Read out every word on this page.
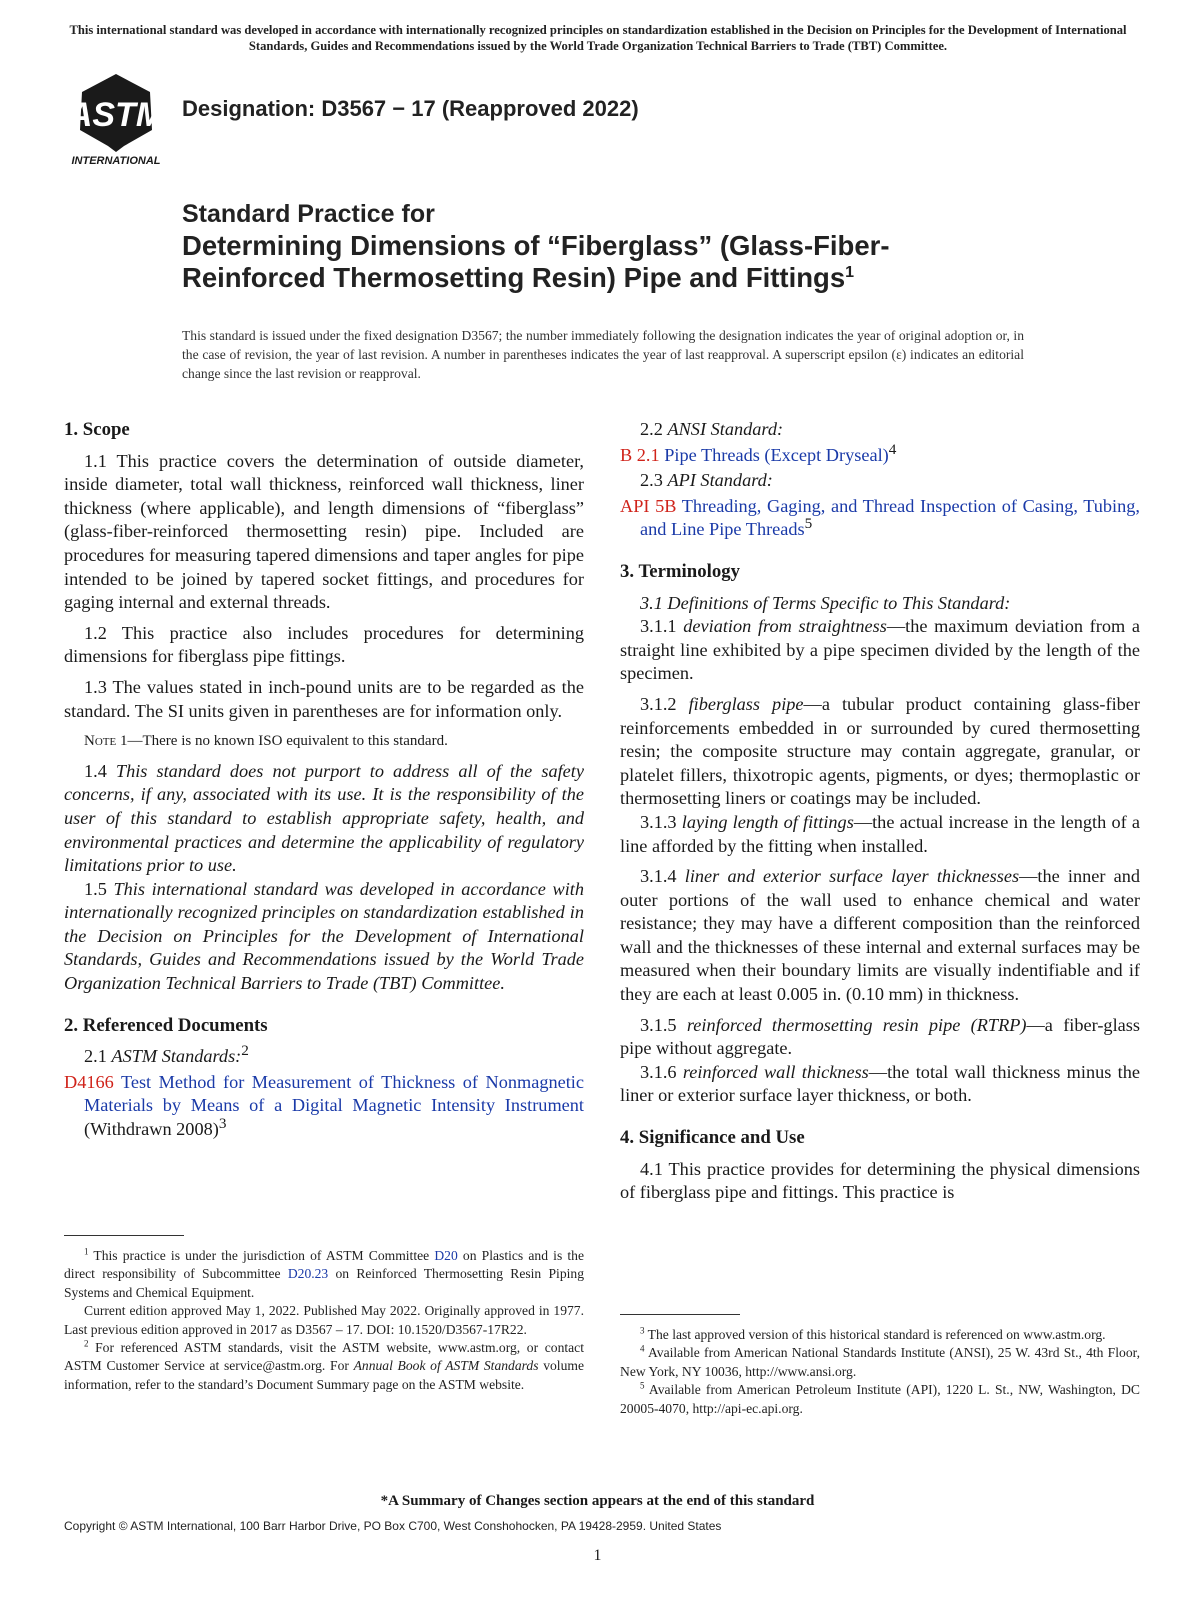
This international standard was developed in accordance with internationally recognized principles on standardization established in the Decision on Principles for the Development of International Standards, Guides and Recommendations issued by the World Trade Organization Technical Barriers to Trade (TBT) Committee.
ASTM
INTERNATIONAL
Designation: D3567 − 17 (Reapproved 2022)
Standard Practice for
Determining Dimensions of “Fiberglass” (Glass-Fiber-
Reinforced Thermosetting Resin) Pipe and Fittings$^1$
This standard is issued under the fixed designation D3567; the number immediately following the designation indicates the year of original adoption or, in the case of revision, the year of last revision. A number in parentheses indicates the year of last reapproval. A superscript epsilon (ε) indicates an editorial change since the last revision or reapproval.
1. Scope

1.1 This practice covers the determination of outside diameter, inside diameter, total wall thickness, reinforced wall thickness, liner thickness (where applicable), and length dimensions of “fiberglass” (glass-fiber-reinforced thermosetting resin) pipe. Included are procedures for measuring tapered dimensions and taper angles for pipe intended to be joined by tapered socket fittings, and procedures for gaging internal and external threads.

1.2 This practice also includes procedures for determining dimensions for fiberglass pipe fittings.

1.3 The values stated in inch-pound units are to be regarded as the standard. The SI units given in parentheses are for information only.

Note 1—There is no known ISO equivalent to this standard.

1.4 This standard does not purport to address all of the safety concerns, if any, associated with its use. It is the responsibility of the user of this standard to establish appropriate safety, health, and environmental practices and determine the applicability of regulatory limitations prior to use.

1.5 This international standard was developed in accordance with internationally recognized principles on standardization established in the Decision on Principles for the Development of International Standards, Guides and Recommendations issued by the World Trade Organization Technical Barriers to Trade (TBT) Committee.

2. Referenced Documents
2.1 ASTM Standards:$^2$
D4166 Test Method for Measurement of Thickness of Nonmagnetic Materials by Means of a Digital Magnetic Intensity Instrument (Withdrawn 2008)$^3$
2.2 ANSI Standard:
B 2.1 Pipe Threads (Except Dryseal)$^4$
2.3 API Standard:
API 5B Threading, Gaging, and Thread Inspection of Casing, Tubing, and Line Pipe Threads$^5$
3. Terminology

3.1 Definitions of Terms Specific to This Standard:

3.1.1 deviation from straightness—the maximum deviation from a straight line exhibited by a pipe specimen divided by the length of the specimen.

3.1.2 fiberglass pipe—a tubular product containing glass-fiber reinforcements embedded in or surrounded by cured thermosetting resin; the composite structure may contain aggregate, granular, or platelet fillers, thixotropic agents, pigments, or dyes; thermoplastic or thermosetting liners or coatings may be included.

3.1.3 laying length of fittings—the actual increase in the length of a line afforded by the fitting when installed.

3.1.4 liner and exterior surface layer thicknesses—the inner and outer portions of the wall used to enhance chemical and water resistance; they may have a different composition than the reinforced wall and the thicknesses of these internal and external surfaces may be measured when their boundary limits are visually indentifiable and if they are each at least 0.005 in. (0.10 mm) in thickness.

3.1.5 reinforced thermosetting resin pipe (RTRP)—a fiber-glass pipe without aggregate.

3.1.6 reinforced wall thickness—the total wall thickness minus the liner or exterior surface layer thickness, or both.

4. Significance and Use

4.1 This practice provides for determining the physical dimensions of fiberglass pipe and fittings. This practice is

$^1$ This practice is under the jurisdiction of ASTM Committee D20 on Plastics and is the direct responsibility of Subcommittee D20.23 on Reinforced Thermosetting Resin Piping Systems and Chemical Equipment.

Current edition approved May 1, 2022. Published May 2022. Originally approved in 1977. Last previous edition approved in 2017 as D3567 – 17. DOI: 10.1520/D3567-17R22.

$^2$ For referenced ASTM standards, visit the ASTM website, www.astm.org, or contact ASTM Customer Service at service@astm.org. For Annual Book of ASTM Standards volume information, refer to the standard’s Document Summary page on the ASTM website.

$^3$ The last approved version of this historical standard is referenced on www.astm.org.

$^4$ Available from American National Standards Institute (ANSI), 25 W. 43rd St., 4th Floor, New York, NY 10036, http://www.ansi.org.

$^5$ Available from American Petroleum Institute (API), 1220 L. St., NW, Washington, DC 20005-4070, http://api-ec.api.org.

*A Summary of Changes section appears at the end of this standard
Copyright © ASTM International, 100 Barr Harbor Drive, PO Box C700, West Conshohocken, PA 19428-2959. United States
1
